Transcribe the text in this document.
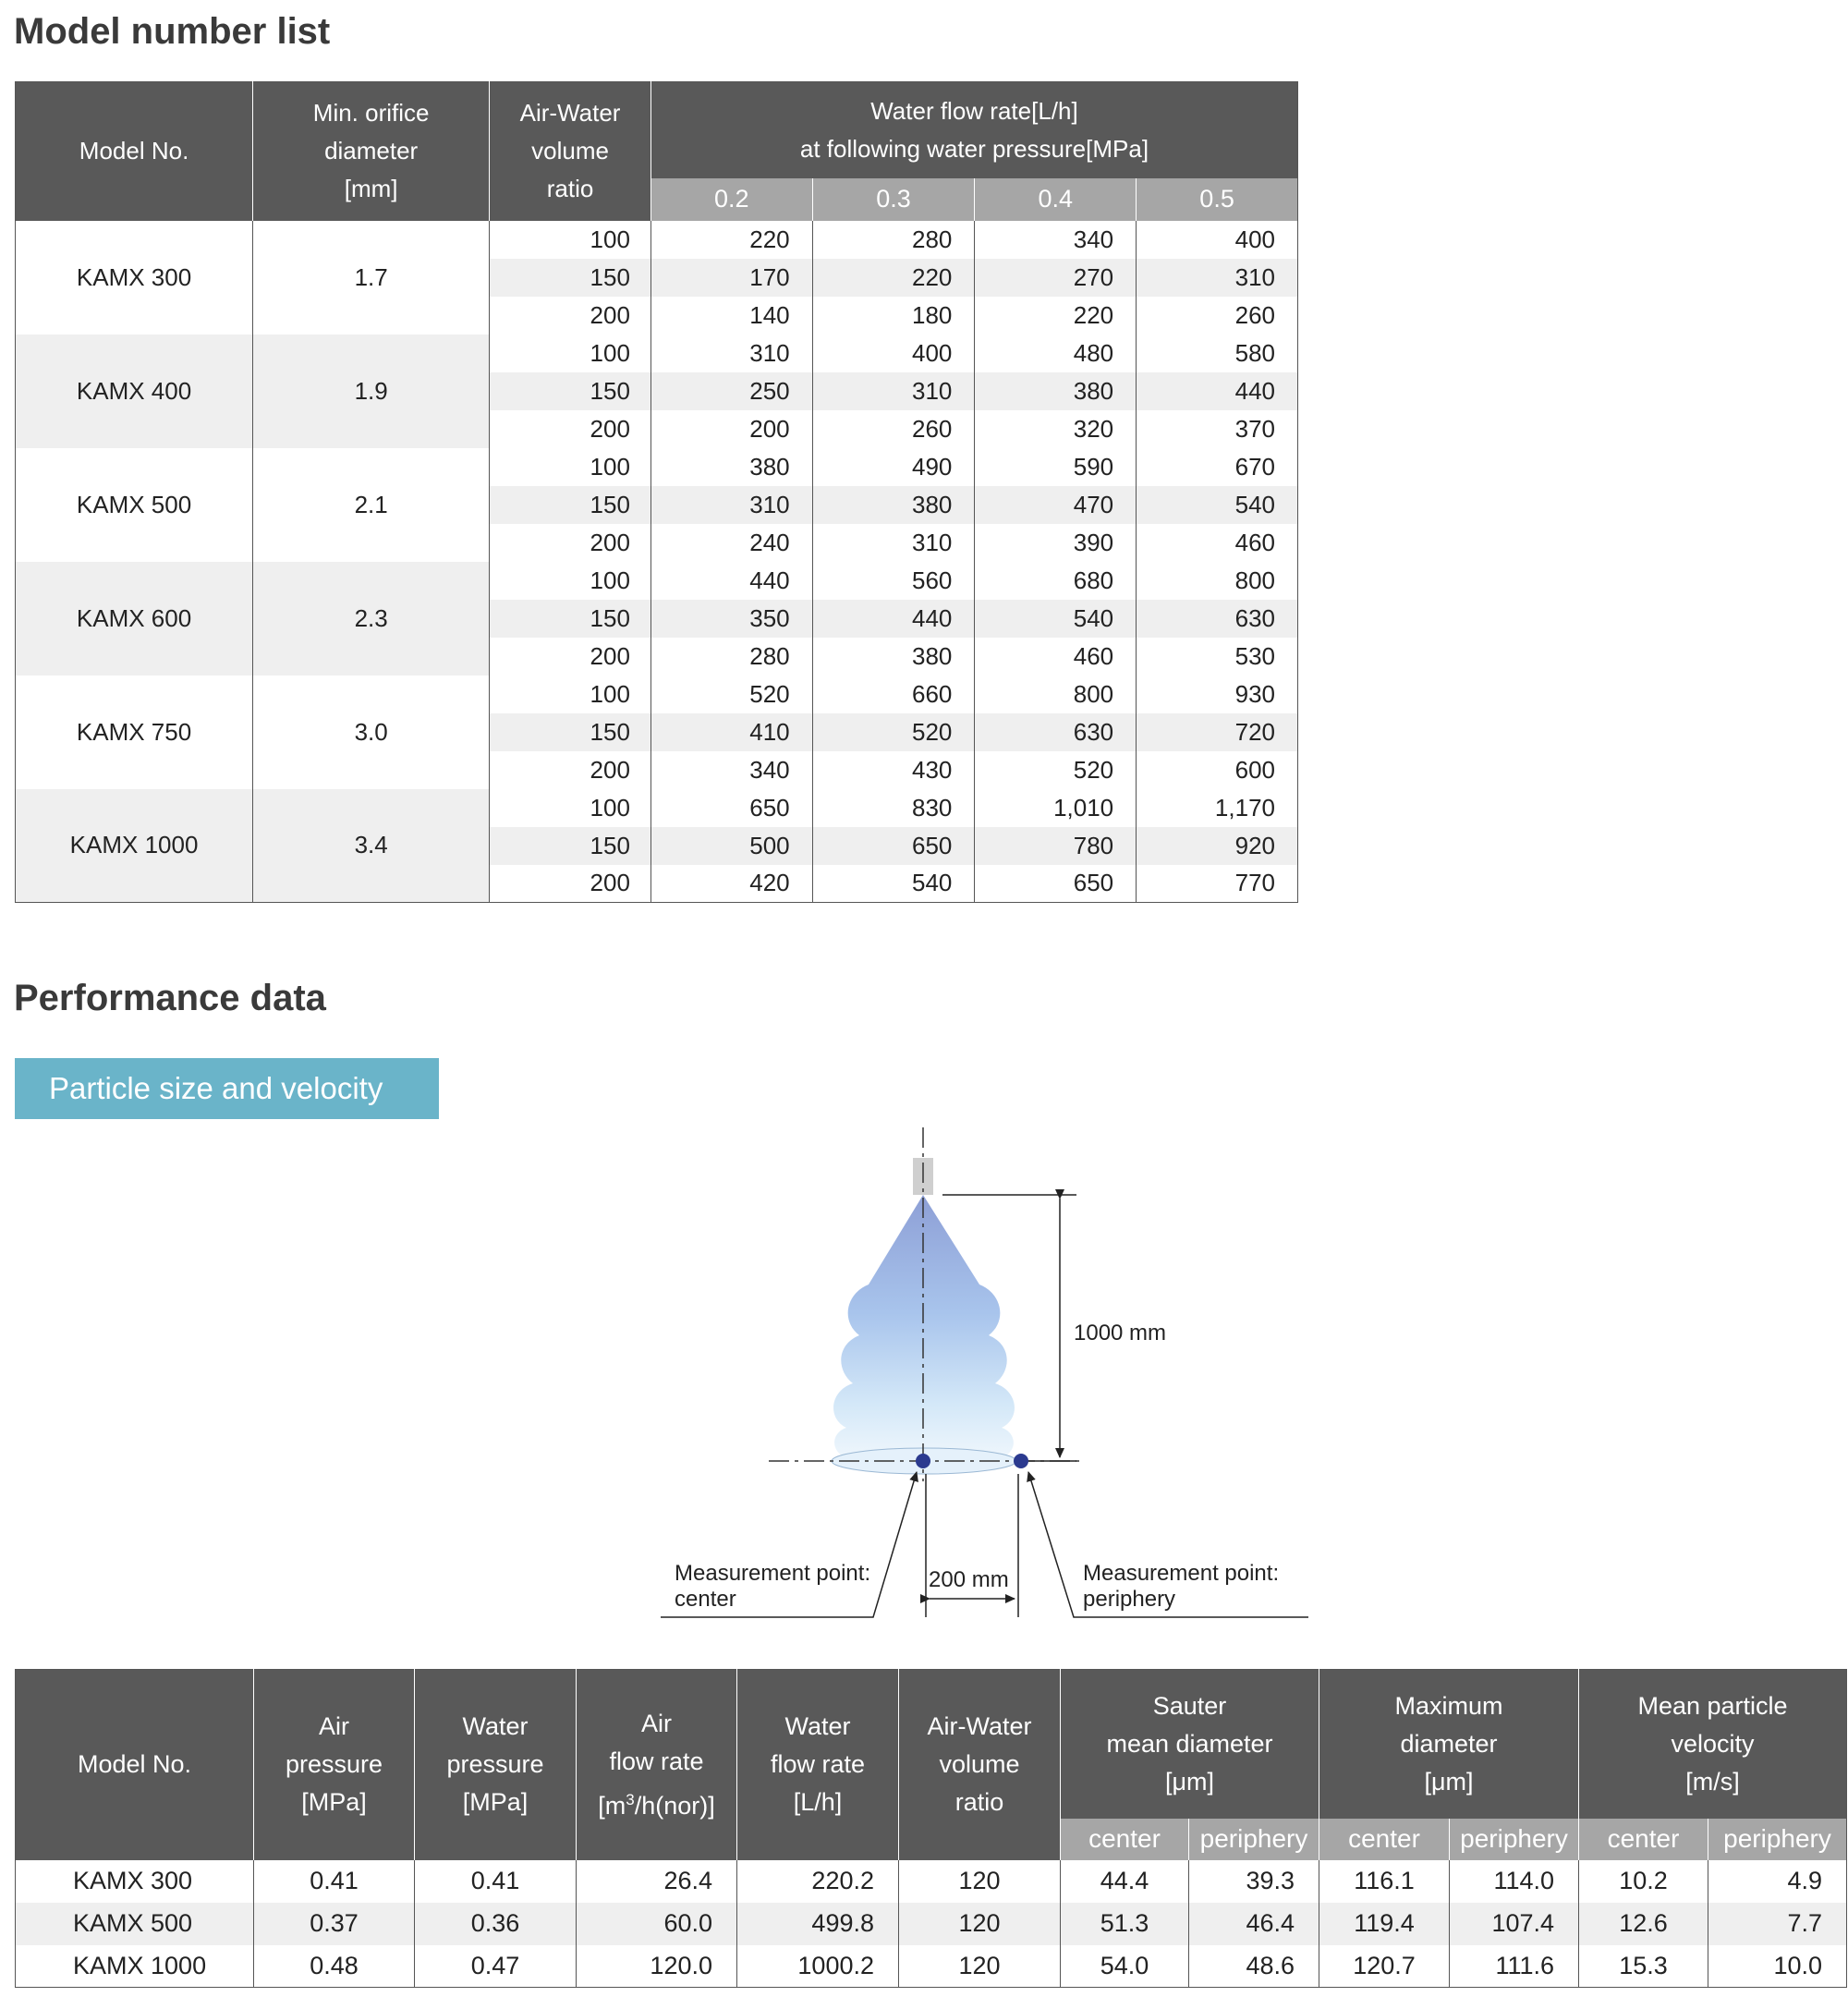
Model number list
Model No.	Min. orifice
diameter
[mm]	Air-Water
volume
ratio	Water flow rate[L/h]
at following water pressure[MPa]			
			0.2	0.3	0.4	0.5
KAMX 300	1.7	100	220	280	340	400
		150	170	220	270	310
		200	140	180	220	260
KAMX 400	1.9	100	310	400	480	580
		150	250	310	380	440
		200	200	260	320	370
KAMX 500	2.1	100	380	490	590	670
		150	310	380	470	540
		200	240	310	390	460
KAMX 600	2.3	100	440	560	680	800
		150	350	440	540	630
		200	280	380	460	530
KAMX 750	3.0	100	520	660	800	930
		150	410	520	630	720
		200	340	430	520	600
KAMX 1000	3.4	100	650	830	1,010	1,170
		150	500	650	780	920
		200	420	540	650	770
Performance data
Particle size and velocity
1000 mm
200 mm
Measurement point:
center
Measurement point:
periphery
Model No.	Air
pressure
[MPa]	Water
pressure
[MPa]	Air
flow rate
$[m^3/h(nor)]$	Water
flow rate
[L/h]	Air-Water
volume
ratio	Sauter
mean diameter
[μm]		Maximum
diameter
[μm]		Mean particle
velocity
[m/s]	
						center	periphery	center	periphery	center	periphery
KAMX 300	0.41	0.41	26.4	220.2	120	44.4	39.3	116.1	114.0	10.2	4.9
KAMX 500	0.37	0.36	60.0	499.8	120	51.3	46.4	119.4	107.4	12.6	7.7
KAMX 1000	0.48	0.47	120.0	1000.2	120	54.0	48.6	120.7	111.6	15.3	10.0
